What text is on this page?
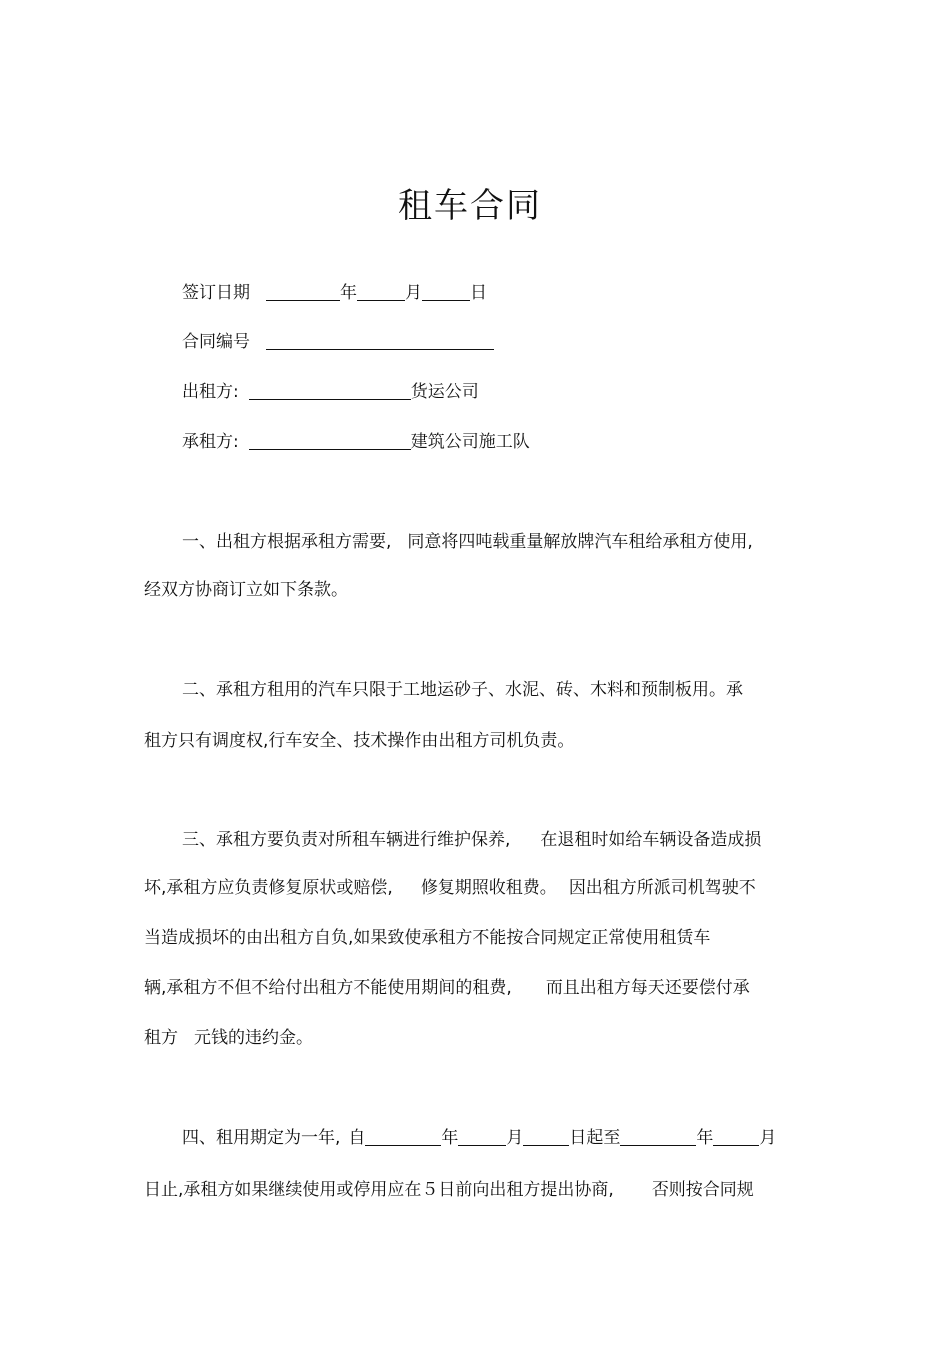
租车合同
签订日期	年	月	日
合同编号
出租方:	货运公司
承租方:	建筑公司施工队
一、出租方根据承租方需要, 同意将四吨载重量解放牌汽车租给承租方使用,
经双方协商订立如下条款。
二、承租方租用的汽车只限于工地运砂子、水泥、砖、木料和预制板用。承
租方只有调度权,行车安全、技术操作由出租方司机负责。
三、承租方要负责对所租车辆进行维护保养, 在退租时如给车辆设备造成损
坏,承租方应负责修复原状或赔偿, 修复期照收租费。 因出租方所派司机驾驶不
当造成损坏的由出租方自负,如果致使承租方不能按合同规定正常使用租赁车
辆,承租方不但不给付出租方不能使用期间的租费, 而且出租方每天还要偿付承
租方 元钱的违约金。
四、租用期定为一年, 自	年	月	日起至	年	月
日止,承租方如果继续使用或停用应在５日前向出租方提出协商, 否则按合同规
